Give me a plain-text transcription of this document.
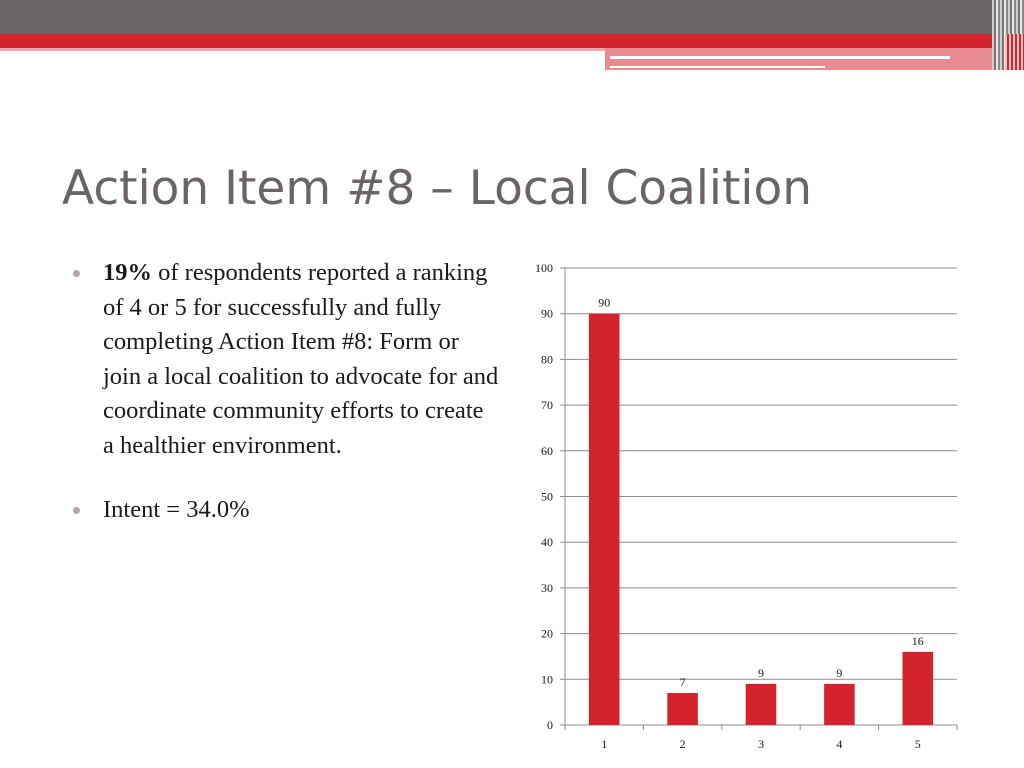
Action Item #8 – Local Coalition
19% of respondents reported a ranking of 4 or 5 for successfully and fully completing Action Item #8: Form or join a local coalition to advocate for and coordinate community efforts to create a healthier environment.
Intent = 34.0%
0
10
20
30
40
50
60
70
80
90
100
90
1
7
2
9
3
9
4
16
5
